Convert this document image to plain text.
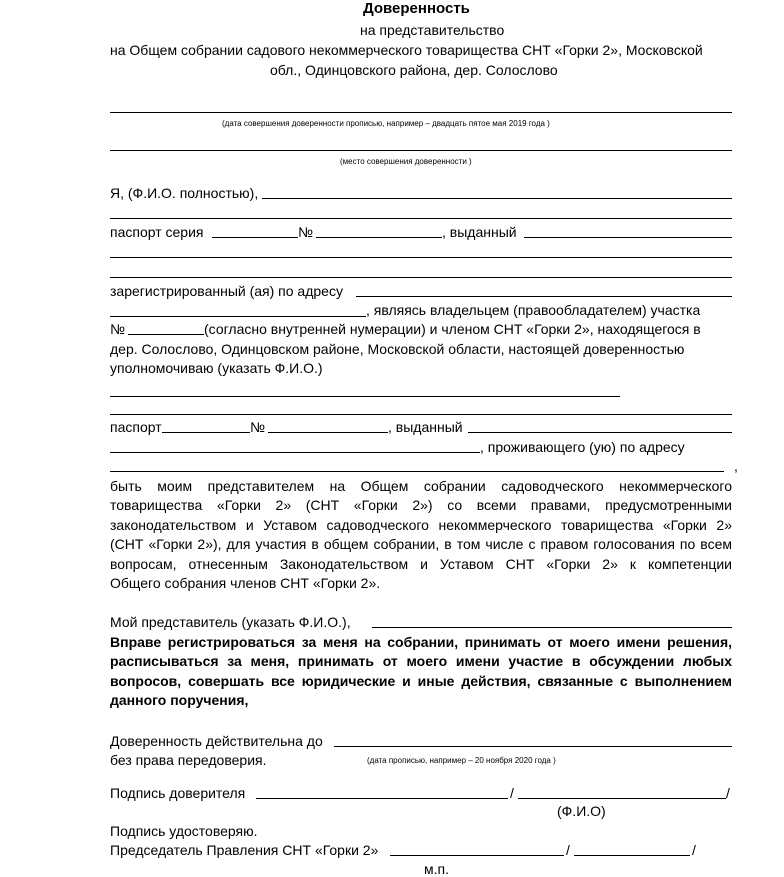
Доверенность
на представительство
на Общем собрании садового некоммерческого товарищества СНТ «Горки 2», Московской
обл., Одинцовского района, дер. Солослово
(дата совершения доверенности прописью, например – двадцать пятое мая 2019 года )
(место совершения доверенности )
Я, (Ф.И.О. полностью),
паспорт серия	№	, выданный
зарегистрированный (ая) по адресу
, являясь владельцем (правообладателем) участка
№	(согласно внутренней нумерации) и членом СНТ «Горки 2», находящегося в
дер. Солослово, Одинцовском районе, Московской области, настоящей доверенностью
уполномочиваю (указать Ф.И.О.)
паспорт	№	, выданный
, проживающего (ую) по адресу
,
быть моим представителем на Общем собрании садоводческого некоммерческого
товарищества «Горки 2» (СНТ «Горки 2») со всеми правами, предусмотренными
законодательством и Уставом садоводческого некоммерческого товарищества «Горки 2»
(СНТ «Горки 2»), для участия в общем собрании, в том числе с правом голосования по всем
вопросам, отнесенным Законодательством и Уставом СНТ «Горки 2» к компетенции
Общего собрания членов СНТ «Горки 2».
Мой представитель (указать Ф.И.О.),
Вправе регистрироваться за меня на собрании, принимать от моего имени решения,
расписываться за меня, принимать от моего имени участие в обсуждении любых
вопросов, совершать все юридические и иные действия, связанные с выполнением
данного поручения,
Доверенность действительна до
без права передоверия.	(дата прописью, например – 20 ноября 2020 года )
Подпись доверителя	/	/
(Ф.И.О)
Подпись удостоверяю.
Председатель Правления СНТ «Горки 2»	/	/
м.п.
